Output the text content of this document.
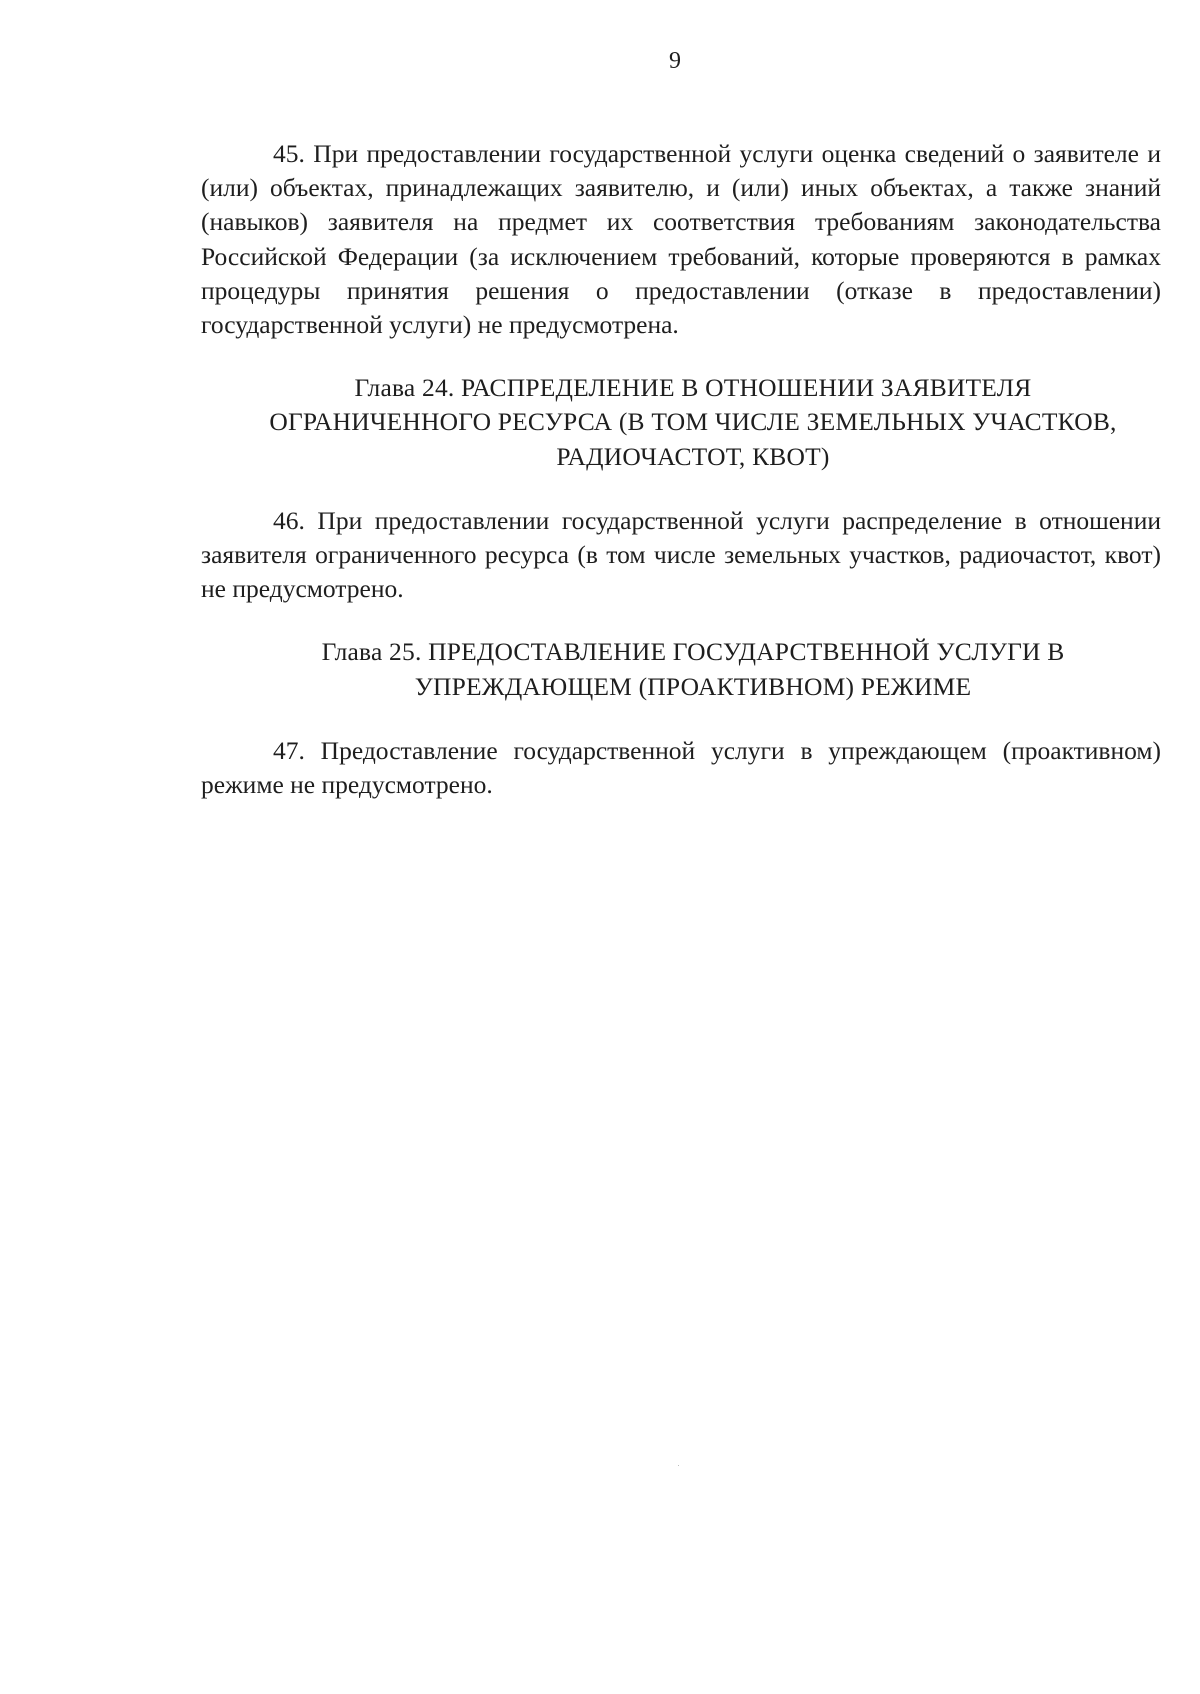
9

45. При предоставлении государственной услуги оценка сведений о заявителе и (или) объектах, принадлежащих заявителю, и (или) иных объектах, а также знаний (навыков) заявителя на предмет их соответствия требованиям законодательства Российской Федерации (за исключением требований, которые проверяются в рамках процедуры принятия решения о предоставлении (отказе в предоставлении) государственной услуги) не предусмотрена.

Глава 24. РАСПРЕДЕЛЕНИЕ В ОТНОШЕНИИ ЗАЯВИТЕЛЯ
ОГРАНИЧЕННОГО РЕСУРСА (В ТОМ ЧИСЛЕ ЗЕМЕЛЬНЫХ УЧАСТКОВ,
РАДИОЧАСТОТ, КВОТ)

46. При предоставлении государственной услуги распределение в отношении заявителя ограниченного ресурса (в том числе земельных участков, радиочастот, квот) не предусмотрено.

Глава 25. ПРЕДОСТАВЛЕНИЕ ГОСУДАРСТВЕННОЙ УСЛУГИ В
УПРЕЖДАЮЩЕМ (ПРОАКТИВНОМ) РЕЖИМЕ

47. Предоставление государственной услуги в упреждающем (проактивном) режиме не предусмотрено.
